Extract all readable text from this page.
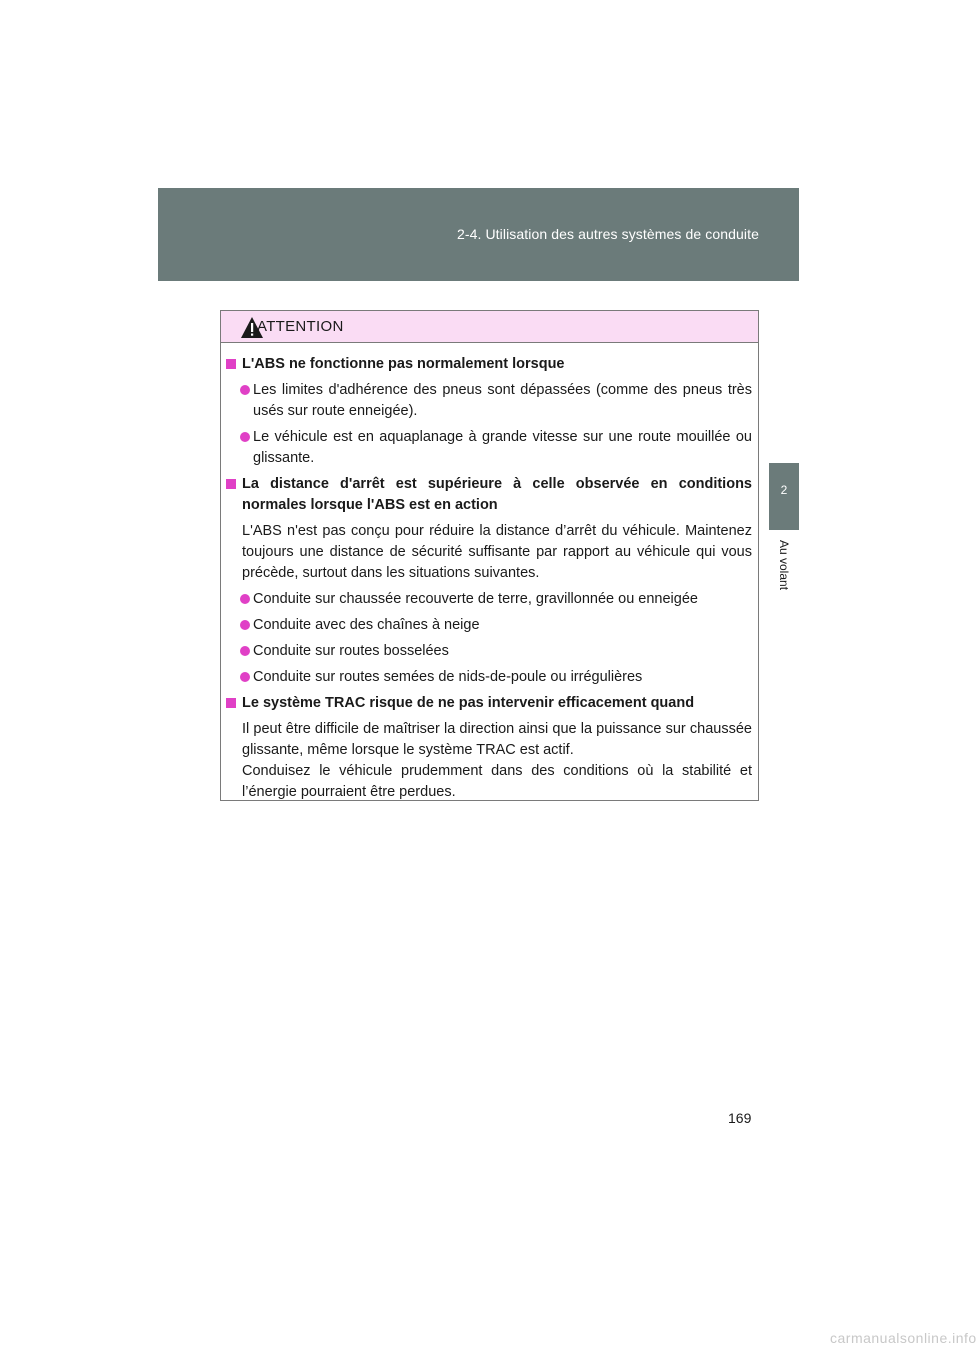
2-4. Utilisation des autres systèmes de conduite
2
Au volant
ATTENTION
L'ABS ne fonctionne pas normalement lorsque
Les limites d'adhérence des pneus sont dépassées (comme des pneus très usés sur route enneigée).
Le véhicule est en aquaplanage à grande vitesse sur une route mouillée ou glissante.
La distance d'arrêt est supérieure à celle observée en conditions normales lorsque l'ABS est en action
L'ABS n'est pas conçu pour réduire la distance d’arrêt du véhicule. Maintenez toujours une distance de sécurité suffisante par rapport au véhicule qui vous précède, surtout dans les situations suivantes.
Conduite sur chaussée recouverte de terre, gravillonnée ou enneigée
Conduite avec des chaînes à neige
Conduite sur routes bosselées
Conduite sur routes semées de nids-de-poule ou irrégulières
Le système TRAC risque de ne pas intervenir efficacement quand
Il peut être difficile de maîtriser la direction ainsi que la puissance sur chaussée glissante, même lorsque le système TRAC est actif.
Conduisez le véhicule prudemment dans des conditions où la stabilité et l’énergie pourraient être perdues.
169
carmanualsonline.info
